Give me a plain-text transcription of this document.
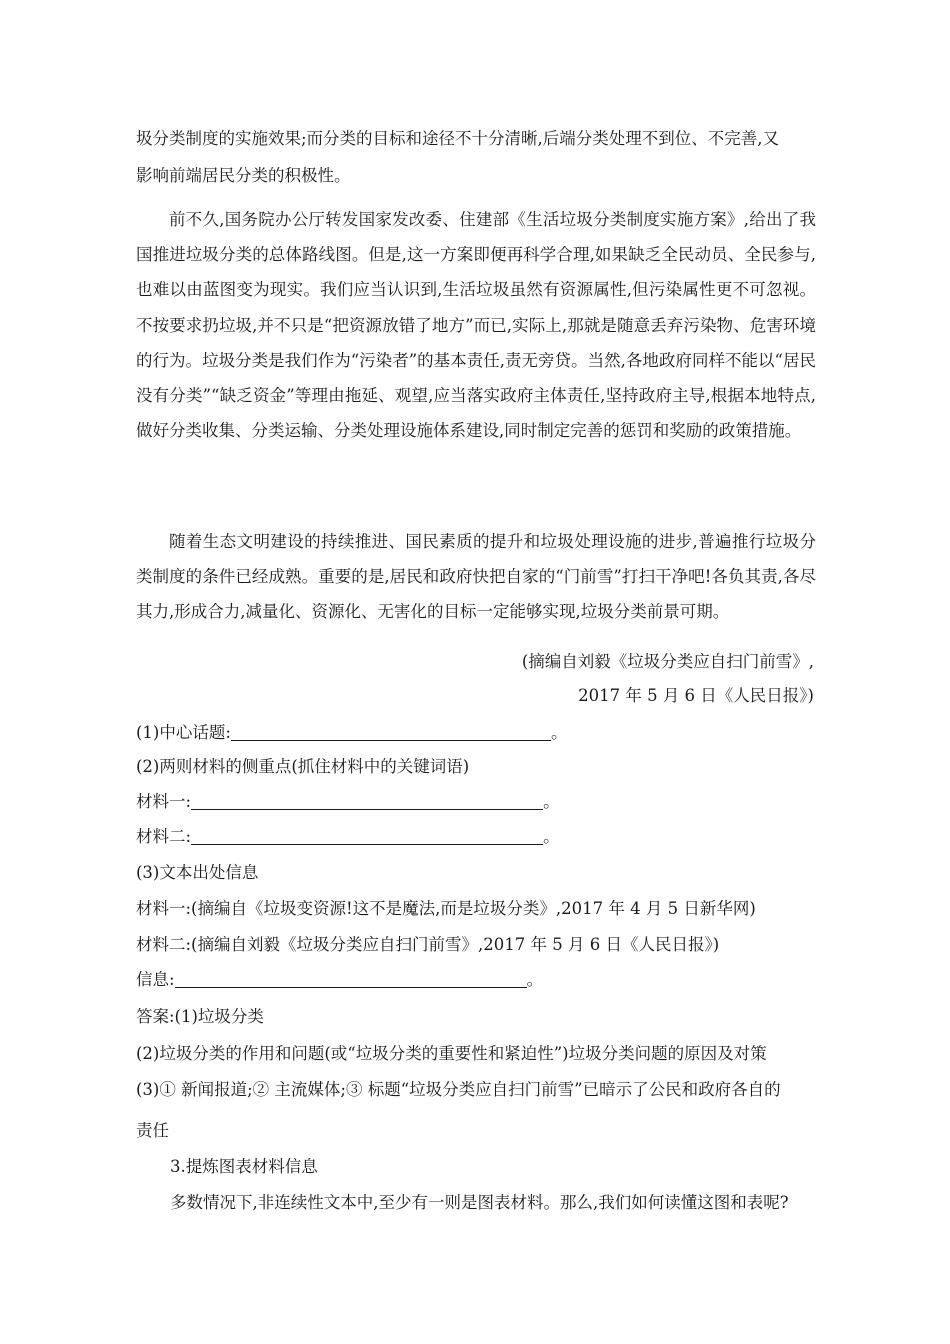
圾分类制度的实施效果;而分类的目标和途径不十分清晰,后端分类处理不到位、不完善,又
影响前端居民分类的积极性。

前不久,国务院办公厅转发国家发改委、住建部《生活垃圾分类制度实施方案》,给出了我国推进垃圾分类的总体路线图。但是,这一方案即便再科学合理,如果缺乏全民动员、全民参与,也难以由蓝图变为现实。我们应当认识到,生活垃圾虽然有资源属性,但污染属性更不可忽视。不按要求扔垃圾,并不只是“把资源放错了地方”而已,实际上,那就是随意丢弃污染物、危害环境的行为。垃圾分类是我们作为“污染者”的基本责任,责无旁贷。当然,各地政府同样不能以“居民没有分类”“缺乏资金”等理由拖延、观望,应当落实政府主体责任,坚持政府主导,根据本地特点,做好分类收集、分类运输、分类处理设施体系建设,同时制定完善的惩罚和奖励的政策措施。

随着生态文明建设的持续推进、国民素质的提升和垃圾处理设施的进步,普遍推行垃圾分类制度的条件已经成熟。重要的是,居民和政府快把自家的“门前雪”打扫干净吧!各负其责,各尽其力,形成合力,减量化、资源化、无害化的目标一定能够实现,垃圾分类前景可期。

(摘编自刘毅《垃圾分类应自扫门前雪》,
2017 年 5 月 6 日《人民日报》)
(1)中心话题:	。
(2)两则材料的侧重点(抓住材料中的关键词语)
材料一:	。
材料二:	。
(3)文本出处信息
材料一:(摘编自《垃圾变资源!这不是魔法,而是垃圾分类》,2017 年 4 月 5 日新华网)
材料二:(摘编自刘毅《垃圾分类应自扫门前雪》,2017 年 5 月 6 日《人民日报》)
信息:	。
答案:(1)垃圾分类
(2)垃圾分类的作用和问题(或“垃圾分类的重要性和紧迫性”)垃圾分类问题的原因及对策
(3)① 新闻报道;② 主流媒体;③ 标题“垃圾分类应自扫门前雪”已暗示了公民和政府各自的
责任
3.提炼图表材料信息
多数情况下,非连续性文本中,至少有一则是图表材料。那么,我们如何读懂这图和表呢?
